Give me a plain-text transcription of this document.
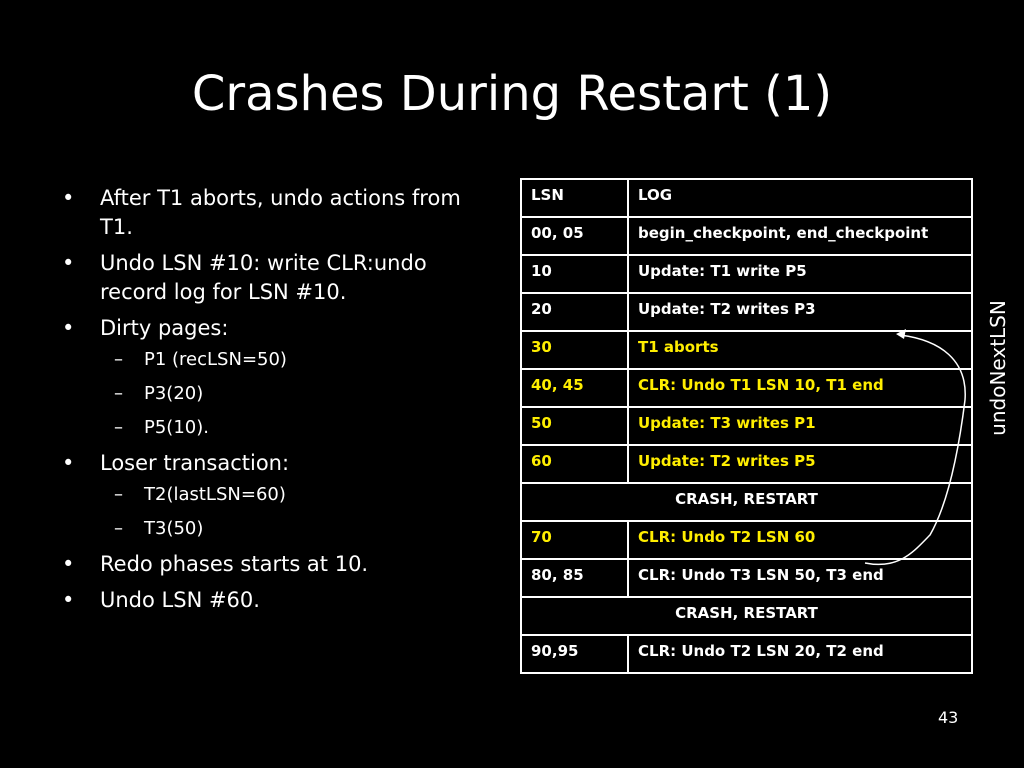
Crashes During Restart (1)
• After T1 aborts, undo actions from T1.
• Undo LSN #10: write CLR:undo record log for LSN #10.
• Dirty pages:
– P1 (recLSN=50)
– P3(20)
– P5(10).
• Loser transaction:
– T2(lastLSN=60)
– T3(50)
• Redo phases starts at 10.
• Undo LSN #60.
LSN	LOG
00, 05	begin_checkpoint, end_checkpoint
10	Update: T1 write P5
20	Update: T2 writes P3
30	T1 aborts
40, 45	CLR: Undo T1 LSN 10, T1 end
50	Update: T3 writes P1
60	Update: T2 writes P5
CRASH, RESTART	
70	CLR: Undo T2 LSN 60
80, 85	CLR: Undo T3 LSN 50, T3 end
CRASH, RESTART	
90,95	CLR: Undo T2 LSN 20, T2 end
undoNextLSN
43
